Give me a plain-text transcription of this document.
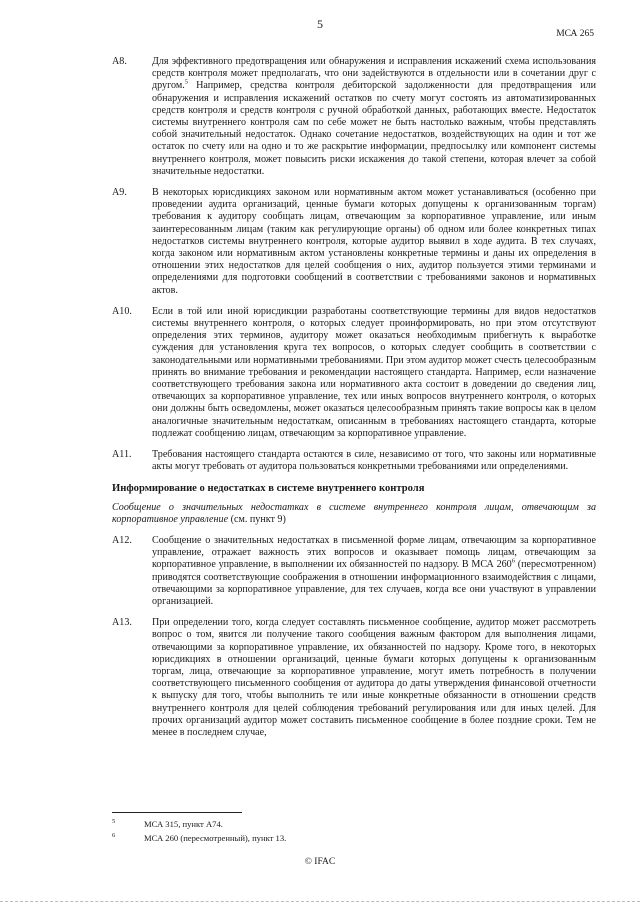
5
МСА 265
A8.	Для эффективного предотвращения или обнаружения и исправления искажений схема использования средств контроля может предполагать, что они задействуются в отдельности или в сочетании друг с другом.$^5$ Например, средства контроля дебиторской задолженности для предотвращения или обнаружения и исправления искажений остатков по счету могут состоять из автоматизированных средств контроля и средств контроля с ручной обработкой данных, работающих вместе. Недостаток системы внутреннего контроля сам по себе может не быть настолько важным, чтобы представлять собой значительный недостаток. Однако сочетание недостатков, воздействующих на один и тот же остаток по счету или на одно и то же раскрытие информации, предпосылку или компонент системы внутреннего контроля, может повысить риски искажения до такой степени, которая влечет за собой значительные недостатки.
A9.	В некоторых юрисдикциях законом или нормативным актом может устанавливаться (особенно при проведении аудита организаций, ценные бумаги которых допущены к организованным торгам) требования к аудитору сообщать лицам, отвечающим за корпоративное управление, или иным заинтересованным лицам (таким как регулирующие органы) об одном или более конкретных типах недостатков системы внутреннего контроля, которые аудитор выявил в ходе аудита. В тех случаях, когда законом или нормативным актом установлены конкретные термины и даны их определения в отношении этих недостатков для целей сообщения о них, аудитор пользуется этими терминами и определениями для подготовки сообщений в соответствии с требованиями законов и нормативных актов.
A10.	Если в той или иной юрисдикции разработаны соответствующие термины для видов недостатков системы внутреннего контроля, о которых следует проинформировать, но при этом отсутствуют определения этих терминов, аудитору может оказаться необходимым прибегнуть к выработке суждения для установления круга тех вопросов, о которых следует сообщить в соответствии с законодательными или нормативными требованиями. При этом аудитор может счесть целесообразным принять во внимание требования и рекомендации настоящего стандарта. Например, если назначение соответствующего требования закона или нормативного акта состоит в доведении до сведения лиц, отвечающих за корпоративное управление, тех или иных вопросов внутреннего контроля, о которых они должны быть осведомлены, может оказаться целесообразным принять такие вопросы как в целом аналогичные значительным недостаткам, описанным в требованиях настоящего стандарта, которые подлежат сообщению лицам, отвечающим за корпоративное управление.
A11.	Требования настоящего стандарта остаются в силе, независимо от того, что законы или нормативные акты могут требовать от аудитора пользоваться конкретными требованиями или определениями.
Информирование о недостатках в системе внутреннего контроля
Сообщение о значительных недостатках в системе внутреннего контроля лицам, отвечающим за корпоративное управление (см. пункт 9)
A12.	Сообщение о значительных недостатках в письменной форме лицам, отвечающим за корпоративное управление, отражает важность этих вопросов и оказывает помощь лицам, отвечающим за корпоративное управление, в выполнении их обязанностей по надзору. В МСА $260^6$ (пересмотренном) приводятся соответствующие соображения в отношении информационного взаимодействия с лицами, отвечающими за корпоративное управление, для тех случаев, когда все они участвуют в управлении организацией.
A13.	При определении того, когда следует составлять письменное сообщение, аудитор может рассмотреть вопрос о том, явится ли получение такого сообщения важным фактором для выполнения лицами, отвечающими за корпоративное управление, их обязанностей по надзору. Кроме того, в некоторых юрисдикциях в отношении организаций, ценные бумаги которых допущены к организованным торгам, лица, отвечающие за корпоративное управление, могут иметь потребность в получении соответствующего письменного сообщения от аудитора до даты утверждения финансовой отчетности к выпуску для того, чтобы выполнить те или иные конкретные обязанности в отношении средств внутреннего контроля для целей соблюдения требований регулирования или для иных целей. Для прочих организаций аудитор может составить письменное сообщение в более поздние сроки. Тем не менее в последнем случае,
5	МСА 315, пункт A74.
6	МСА 260 (пересмотренный), пункт 13.
© IFAC
